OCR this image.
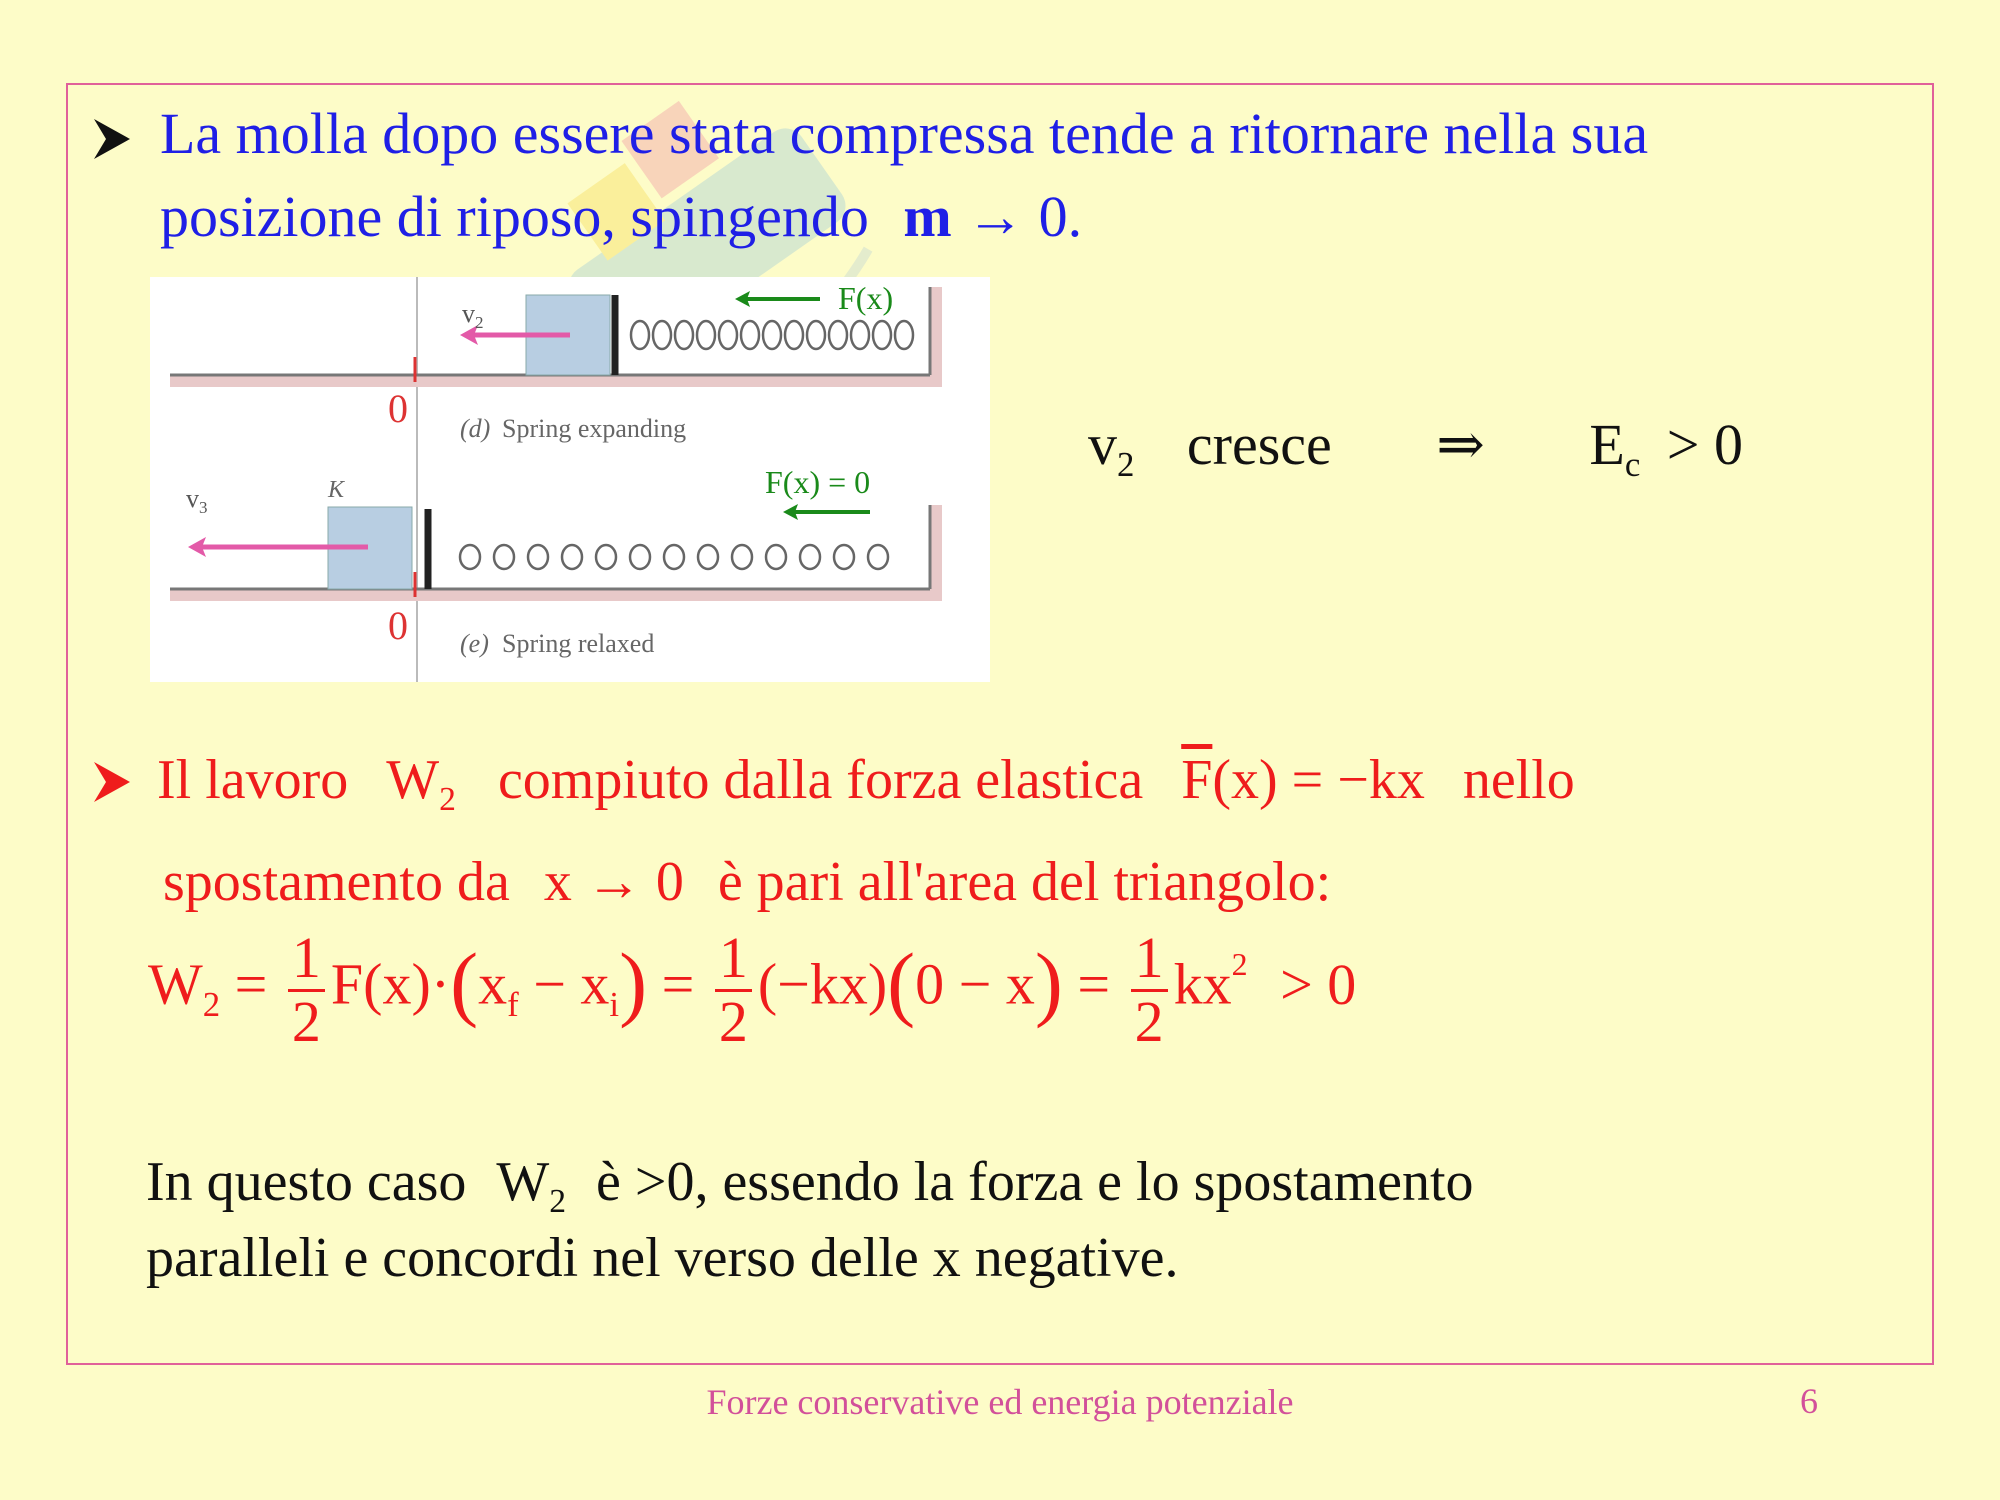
La molla dopo essere stata compressa tende a ritornare nella sua
posizione di riposo, spingendo m → 0.
$v_2$
F(x)
0 (d) Spring expanding
$v_3$
K	F(x) = 0
0 (e) Spring relaxed
$v_2$ cresce ⇒ $E_c > 0$
Il lavoro $W_2$ compiuto dalla forza elastica $\overline{F}(x) = -kx$ nello
spostamento da x → 0 è pari all'area del triangolo:
$W_2 = \frac{1}{2} F(x)\cdot(x_f - x_i) = \frac{1}{2} (-kx)(0 - x) = \frac{1}{2} kx^2 > 0$
In questo caso $W_2$ è >0, essendo la forza e lo spostamento
paralleli e concordi nel verso delle x negative.
Forze conservative ed energia potenziale	6
